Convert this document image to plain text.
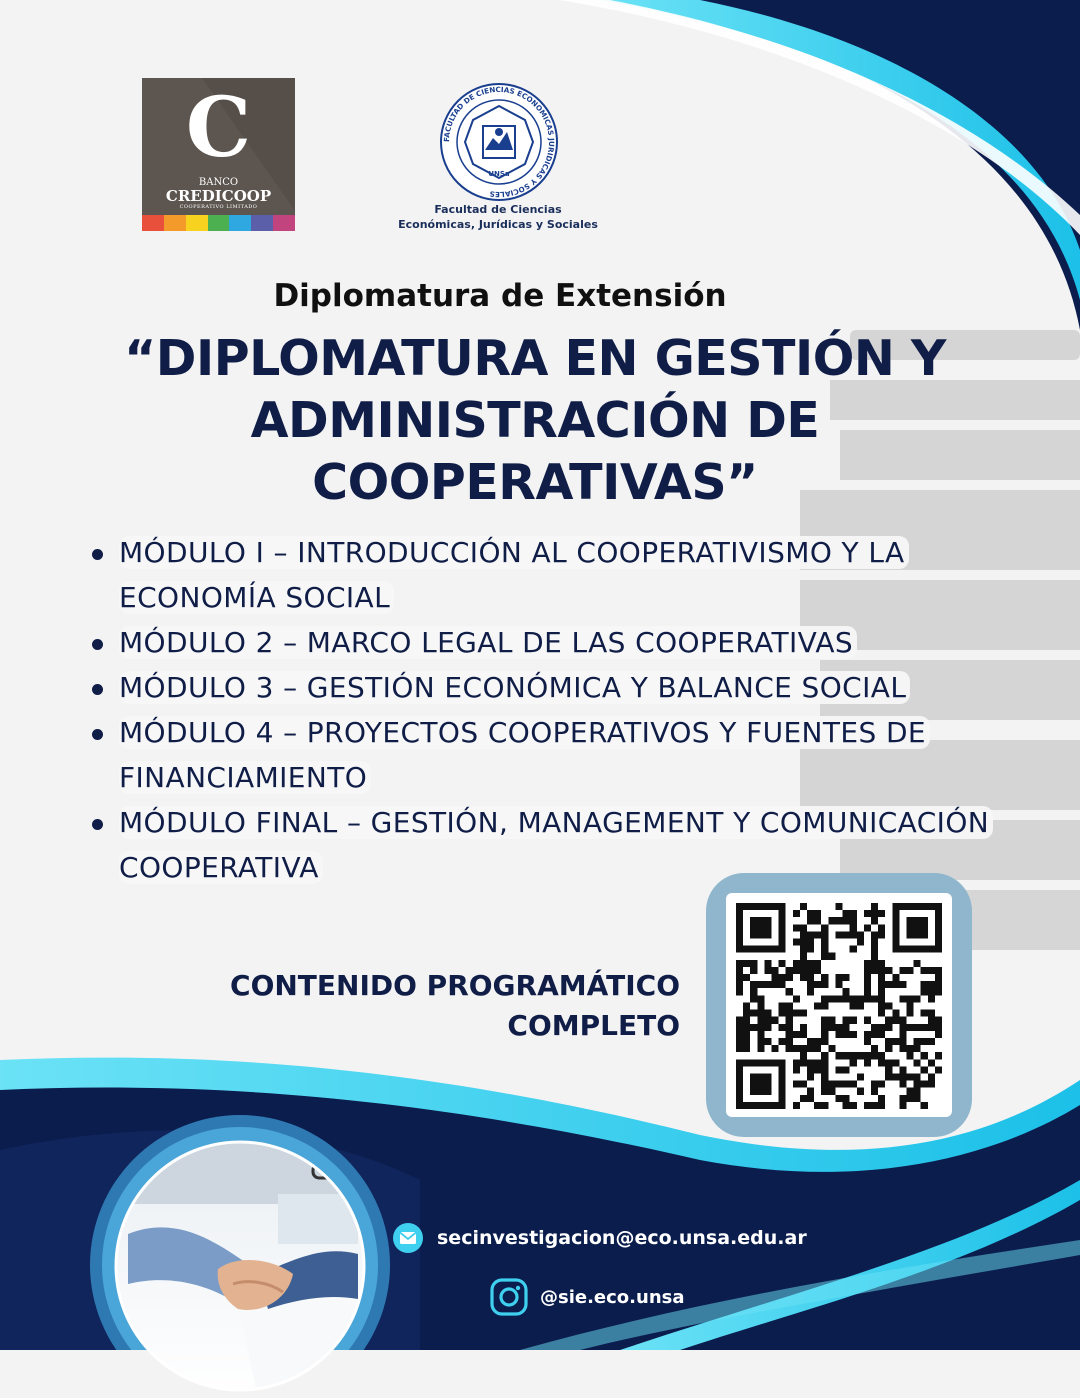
C
BANCO
CREDICOOP
COOPERATIVO LIMITADO
FACULTAD DE CIENCIAS ECONOMICAS JURIDICAS Y SOCIALES
UNSa
Facultad de Ciencias
Económicas, Jurídicas y Sociales
Diplomatura de Extensión
“DIPLOMATURA EN GESTIÓN Y
ADMINISTRACIÓN DE
COOPERATIVAS”
MÓDULO I – INTRODUCCIÓN AL COOPERATIVISMO Y LA ECONOMÍA SOCIAL
MÓDULO 2 – MARCO LEGAL DE LAS COOPERATIVAS
MÓDULO 3 – GESTIÓN ECONÓMICA Y BALANCE SOCIAL
MÓDULO 4 – PROYECTOS COOPERATIVOS Y FUENTES DE FINANCIAMIENTO
MÓDULO FINAL – GESTIÓN, MANAGEMENT Y COMUNICACIÓN COOPERATIVA
CONTENIDO PROGRAMÁTICO
COMPLETO
secinvestigacion@eco.unsa.edu.ar
@sie.eco.unsa
